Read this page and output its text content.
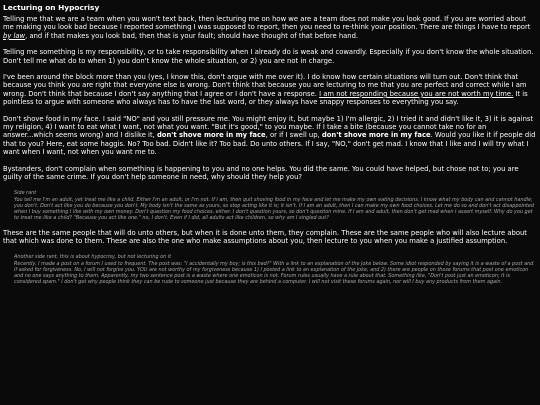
Lecturing on Hypocrisy

Telling me that we are a team when you won't text back, then lecturing me on how we are a team does not make you look good. If you are worried about me making you look bad because I reported something I was supposed to report, then you need to re-think your position. There are things I have to report by law, and if that makes you look bad, then that is your fault; should have thought of that before hand.

Telling me something is my responsibility, or to take responsibility when I already do is weak and cowardly. Especially if you don't know the whole situation. Don't tell me what do to when 1) you don't know the whole situation, or 2) you are not in charge.

I've been around the block more than you (yes, I know this, don't argue with me over it). I do know how certain situations will turn out. Don't think that because you think you are right that everyone else is wrong. Don't think that because you are lecturing to me that you are perfect and correct while I am wrong. Don't think that because I don't say anything that I agree or I don't have a response. I am not responding because you are not worth my time. It is pointless to argue with someone who always has to have the last word, or they always have snappy responses to everything you say.

Don't shove food in my face. I said "NO" and you still pressure me. You might enjoy it, but maybe 1) I'm allergic, 2) I tried it and didn't like it, 3) it is against my religion, 4) I want to eat what I want, not what you want. "But it's good," to you maybe. If I take a bite (because you cannot take no for an answer...which seems wrong) and I dislike it, don't shove more in my face, or if I swell up, don't shove more in my face. Would you like it if people did that to you? Here, eat some haggis. No? Too bad. Didn't like it? Too bad. Do unto others. If I say, "NO," don't get mad. I know that I like and I will try what I want when I want, not when you want me to.

Bystanders, don't complain when something is happening to you and no one helps. You did the same. You could have helped, but chose not to; you are guilty of the same crime. If you don't help someone in need, why should they help you?

Side rant

You tell me I'm an adult, yet treat me like a child. Either I'm an adult, or I'm not. If I am, then quit shoving food in my face and let me make my own eating decisions. I know what my body can and cannot handle; you don't. Don't act like you do because you don't. My body isn't the same as yours, so stop acting like it is; it isn't. If I am an adult, then I can make my own food choices. Let me do so and don't act disappointed when I buy something I like with my own money. Don't question my food choices, either. I don't question yours, so don't question mine. If I am and adult, then don't get mad when I assert myself. Why do you get to treat me like a child? "Because you act like one." no, I don't. Even if I did, all adults act like children, so why am I singled out?

These are the same people that will do unto others, but when it is done unto them, they complain. These are the same people who will also lecture about that which was done to them. These are also the one who make assumptions about you, then lecture to you when you make a justified assumption.

Another side rant, this is about hypocrisy, but not lecturing on it

Recently, I made a post on a forum I used to frequent. The post was: "I accidentally my boy; is this bad?" With a link to an explanation of the joke below. Some idiot responded by saying it is a waste of a post and if asked for forgiveness. No, I will not forgive you. YOU are not worthy of my forgiveness because 1) I posted a link to an explanation of the joke, and 2) there are people on those forums that post one emoticon and no one says anything to them. Apparently, my two sentence post is a waste where one emoticon is not. Forum rules usually have a rule about that. Something like, "Don't post just an emoticon; it is considered spam." I don't get why people think they can be rude to someone just because they are behind a computer. I will not visit these forums again, nor will I buy any products from them again.
